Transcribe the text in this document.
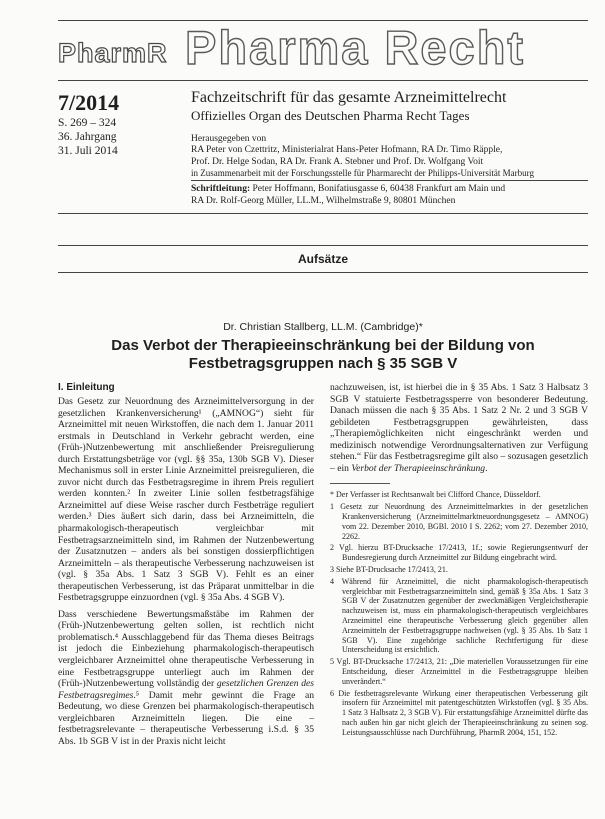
PharmR Pharma Recht
7/2014
S. 269 – 324
36. Jahrgang
31. Juli 2014
Fachzeitschrift für das gesamte Arzneimittelrecht
Offizielles Organ des Deutschen Pharma Recht Tages
Herausgegeben von
RA Peter von Czettritz, Ministerialrat Hans-Peter Hofmann, RA Dr. Timo Räpple,
Prof. Dr. Helge Sodan, RA Dr. Frank A. Stebner und Prof. Dr. Wolfgang Voit
in Zusammenarbeit mit der Forschungsstelle für Pharmarecht der Philipps-Universität Marburg
Schriftleitung: Peter Hoffmann, Bonifatiusgasse 6, 60438 Frankfurt am Main und
RA Dr. Rolf-Georg Müller, LL.M., Wilhelmstraße 9, 80801 München
Aufsätze
Dr. Christian Stallberg, LL.M. (Cambridge)*
Das Verbot der Therapieeinschränkung bei der Bildung von
Festbetragsgruppen nach § 35 SGB V
I. Einleitung

Das Gesetz zur Neuordnung des Arzneimittelversorgung in der gesetzlichen Krankenversicherung¹ („AMNOG“) sieht für Arzneimittel mit neuen Wirkstoffen, die nach dem 1. Januar 2011 erstmals in Deutschland in Verkehr gebracht werden, eine (Früh-)Nutzenbewertung mit anschließender Preisregulierung durch Erstattungsbeträge vor (vgl. §§ 35a, 130b SGB V). Dieser Mechanismus soll in erster Linie Arzneimittel preisregulieren, die zuvor nicht durch das Festbetragsregime in ihrem Preis reguliert werden konnten.² In zweiter Linie sollen festbetragsfähige Arzneimittel auf diese Weise rascher durch Festbeträge reguliert werden.³ Dies äußert sich darin, dass bei Arzneimitteln, die pharmakologisch-therapeutisch vergleichbar mit Festbetragsarzneimitteln sind, im Rahmen der Nutzenbewertung der Zusatznutzen – anders als bei sonstigen dossierpflichtigen Arzneimitteln – als therapeutische Verbesserung nachzuweisen ist (vgl. § 35a Abs. 1 Satz 3 SGB V). Fehlt es an einer therapeutischen Verbesserung, ist das Präparat unmittelbar in die Festbetragsgruppe einzuordnen (vgl. § 35a Abs. 4 SGB V).

Dass verschiedene Bewertungsmaßstäbe im Rahmen der (Früh-)Nutzenbewertung gelten sollen, ist rechtlich nicht problematisch.⁴ Ausschlaggebend für das Thema dieses Beitrags ist jedoch die Einbeziehung pharmakologisch-therapeutisch vergleichbarer Arzneimittel ohne therapeutische Verbesserung in eine Festbetragsgruppe unterliegt auch im Rahmen der (Früh-)Nutzenbewertung vollständig der gesetzlichen Grenzen des Festbetragsregimes.⁵ Damit mehr gewinnt die Frage an Bedeutung, wo diese Grenzen bei pharmakologisch-therapeutisch vergleichbaren Arzneimitteln liegen. Die eine – festbetragsrelevante – therapeutische Verbesserung i.S.d. § 35 Abs. 1b SGB V ist in der Praxis nicht leicht

nachzuweisen, ist, ist hierbei die in § 35 Abs. 1 Satz 3 Halbsatz 3 SGB V statuierte Festbetragssperre von besonderer Bedeutung. Danach müssen die nach § 35 Abs. 1 Satz 2 Nr. 2 und 3 SGB V gebildeten Festbetragsgruppen gewährleisten, dass „Therapiemöglichkeiten nicht eingeschränkt werden und medizinisch notwendige Verordnungsalternativen zur Verfügung stehen.“ Für das Festbetragsregime gilt also – sozusagen gesetzlich – ein Verbot der Therapieeinschränkung.

* Der Verfasser ist Rechtsanwalt bei Clifford Chance, Düsseldorf.
1 Gesetz zur Neuordnung des Arzneimittelmarktes in der gesetzlichen Krankenversicherung (Arzneimittelmarktneuordnungsgesetz – AMNOG) vom 22. Dezember 2010, BGBl. 2010 I S. 2262; vom 27. Dezember 2010, 2262.
2 Vgl. hierzu BT-Drucksache 17/2413, 1f.; sowie Regierungsentwurf der Bundesregierung durch Arzneimittel zur Bildung eingebracht wird.
3 Siehe BT-Drucksache 17/2413, 21.
4 Während für Arzneimittel, die nicht pharmakologisch-therapeutisch vergleichbar mit Festbetragsarzneimitteln sind, gemäß § 35a Abs. 1 Satz 3 SGB V der Zusatznutzen gegenüber der zweckmäßigen Vergleichstherapie nachzuweisen ist, muss ein pharmakologisch-therapeutisch vergleichbares Arzneimittel eine therapeutische Verbesserung gleich gegenüber allen Arzneimitteln der Festbetragsgruppe nachweisen (vgl. § 35 Abs. 1b Satz 1 SGB V). Eine zugehörige sachliche Rechtfertigung für diese Unterscheidung ist ersichtlich.
5 Vgl. BT-Drucksache 17/2413, 21: „Die materiellen Voraussetzungen für eine Entscheidung, dieser Arzneimittel in die Festbetragsgruppe bleiben unverändert.“
6 Die festbetragsrelevante Wirkung einer therapeutischen Verbesserung gilt insofern für Arzneimittel mit patentgeschützten Wirkstoffen (vgl. § 35 Abs. 1 Satz 3 Halbsatz 2, 3 SGB V). Für erstattungsfähige Arzneimittel dürfte das nach außen hin gar nicht gleich der Therapieeinschränkung zu seinen sog. Leistungsausschlüsse nach Durchführung, PharmR 2004, 151, 152.
